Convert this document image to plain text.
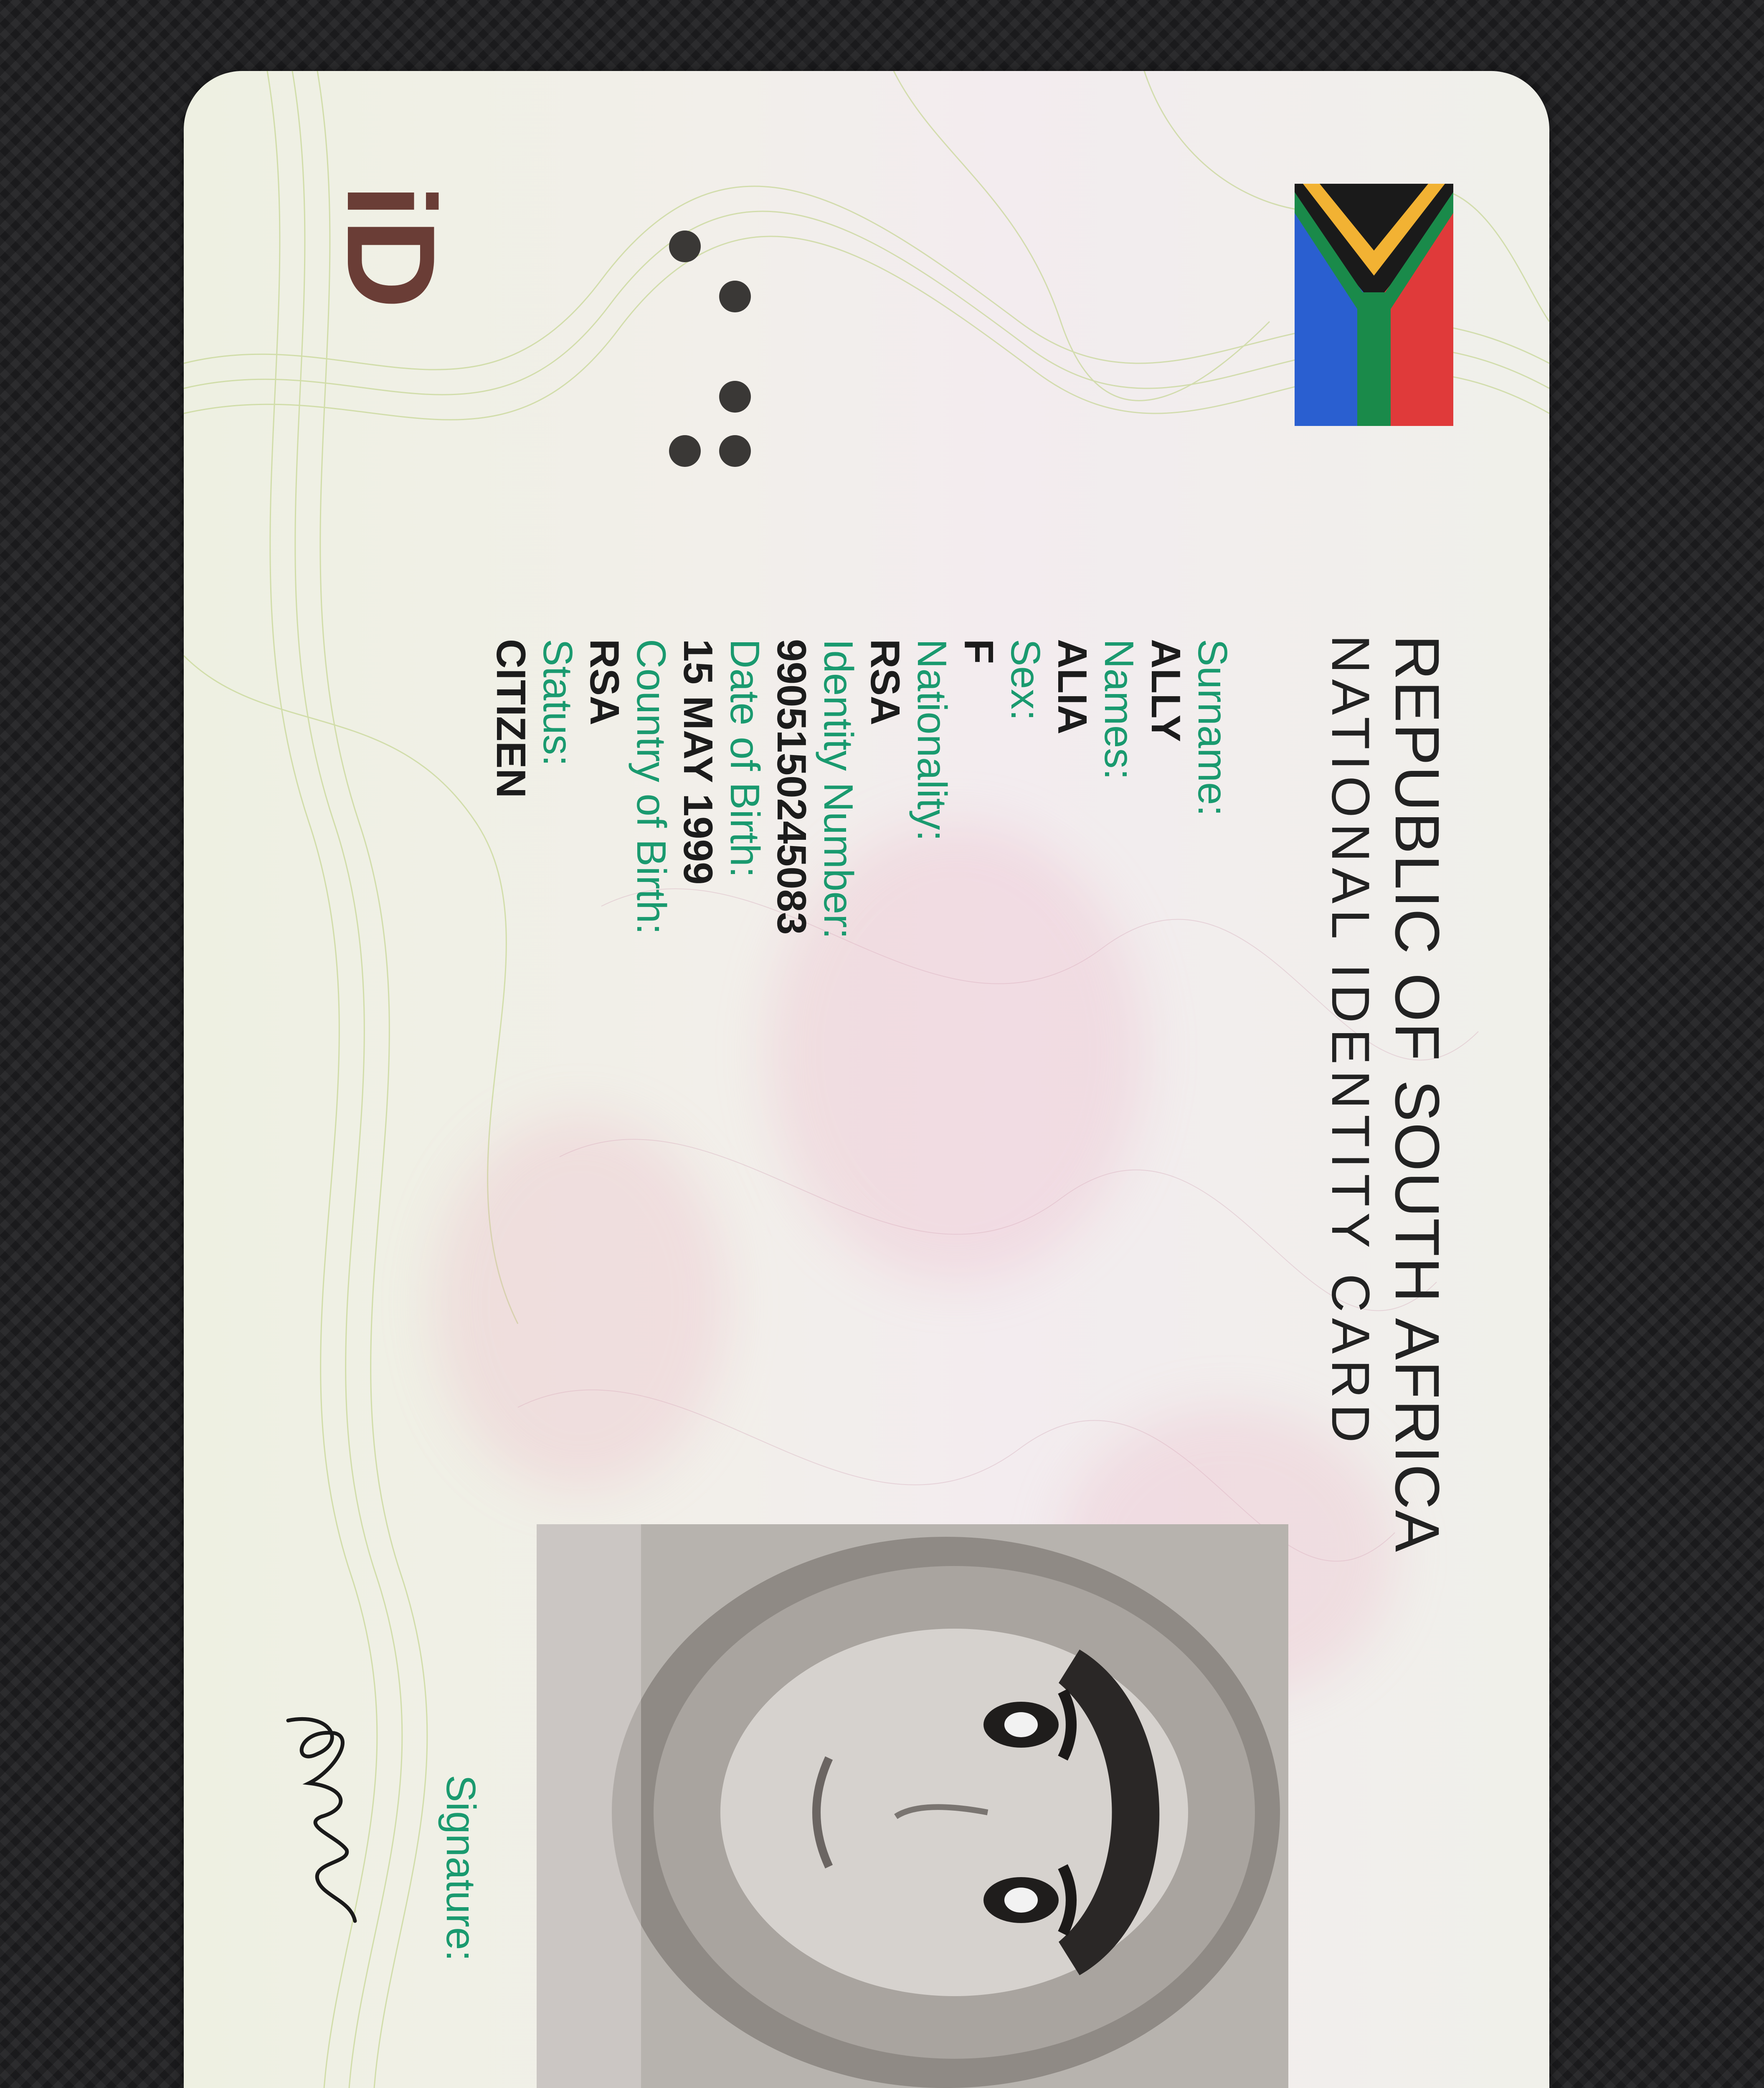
iD
REPUBLIC OF SOUTH AFRICA
NATIONAL IDENTITY CARD
Surname:
ALLY
Names:
ALIA
Sex:
F
Nationality:
RSA
Identity Number:
9905150245083
Date of Birth:
15 MAY 1999
Country of Birth:
RSA
Status:
CITIZEN
Signature:
